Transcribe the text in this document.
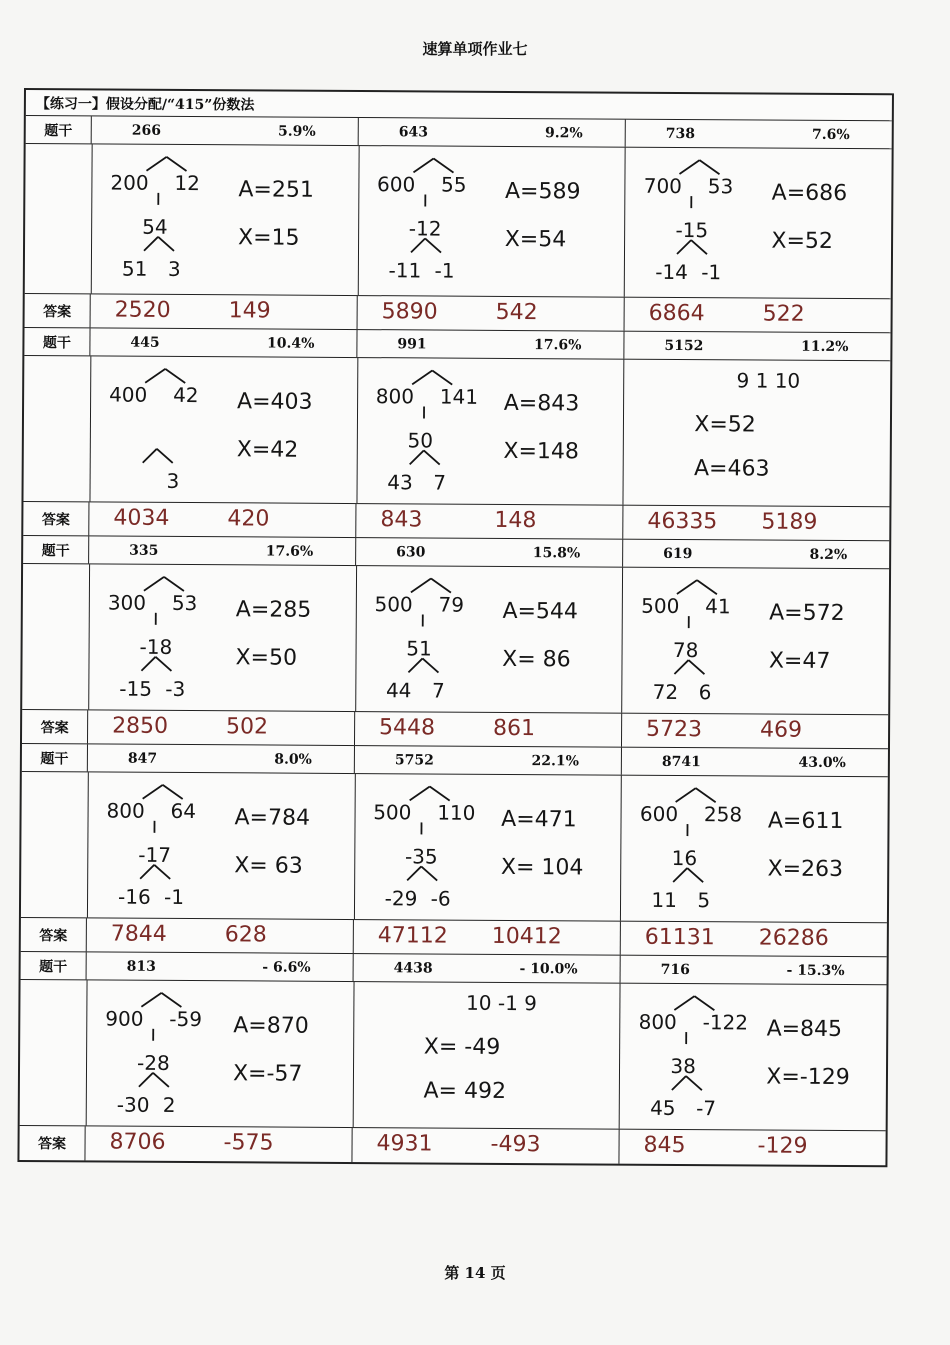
速算单项作业七
【练习一】假设分配/“415”份数法
题干	266	5.9%	643	9.2%	738	7.6%
200 12
54
51 3
A=251
X=15
600 55
-12
-11 -1
A=589
X=54
700 53
-15
-14 -1
A=686
X=52
答案	2520	149	5890	542	6864	522
题干	445	10.4%	991	17.6%	5152	11.2%
400 42
3
A=403
X=42
800 141
50
43 7
A=843
X=148
9 1 10
X=52
A=463
答案	4034	420	843	148	46335 5189
题干	335	17.6%	630	15.8%	619	8.2%
300 53
-18
-15 -3
A=285
X=50
500 79
51
44 7
A=544
X= 86
500 41
78
72 6
A=572
X=47
答案	2850	502	5448	861	5723	469
题干	847	8.0%	5752	22.1%	8741	43.0%
800 64
-17
-16 -1
A=784
X= 63
500 110
-35
-29 -6
A=471
X= 104
600 258
16
11 5
A=611
X=263
答案	7844	628	47112 10412	61131 26286
题干	813	- 6.6%	4438	- 10.0%	716	- 15.3%
900 -59
-28
-30 2
A=870
X=-57
10 -1 9
X= -49
A= 492
800 -122
38
45 -7
A=845
X=-129
答案	8706	-575	4931	-493	845	-129
第 14 页
